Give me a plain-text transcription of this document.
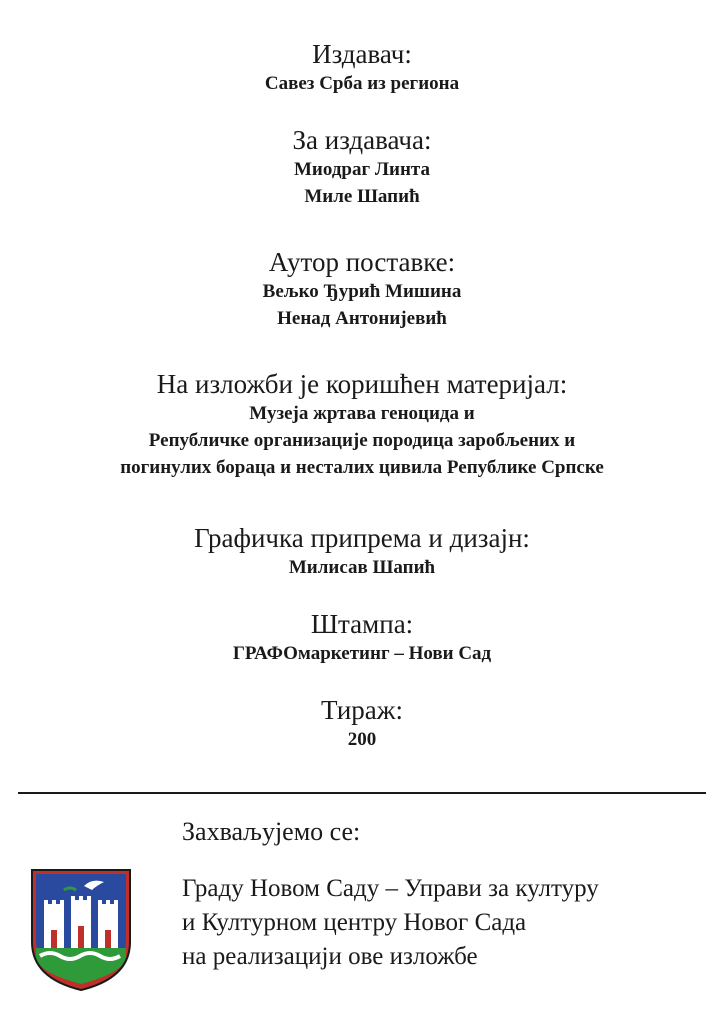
Издавач:
Савез Срба из региона
За издавача:
Миодраг Линта
Миле Шапић
Аутор поставке:
Вељко Ђурић Мишина
Ненад Антонијевић
На изложби је коришћен материјал:
Музеја жртава геноцида и
Републичке организације породица заробљених и
погинулих бораца и несталих цивила Републике Српске
Графичка припрема и дизајн:
Милисав Шапић
Штампа:
ГРАФОмаркетинг – Нови Сад
Тираж:
200
Захваљујемо се:
Граду Новом Саду – Управи за културу
и Културном центру Новог Сада
на реализацији ове изложбе
